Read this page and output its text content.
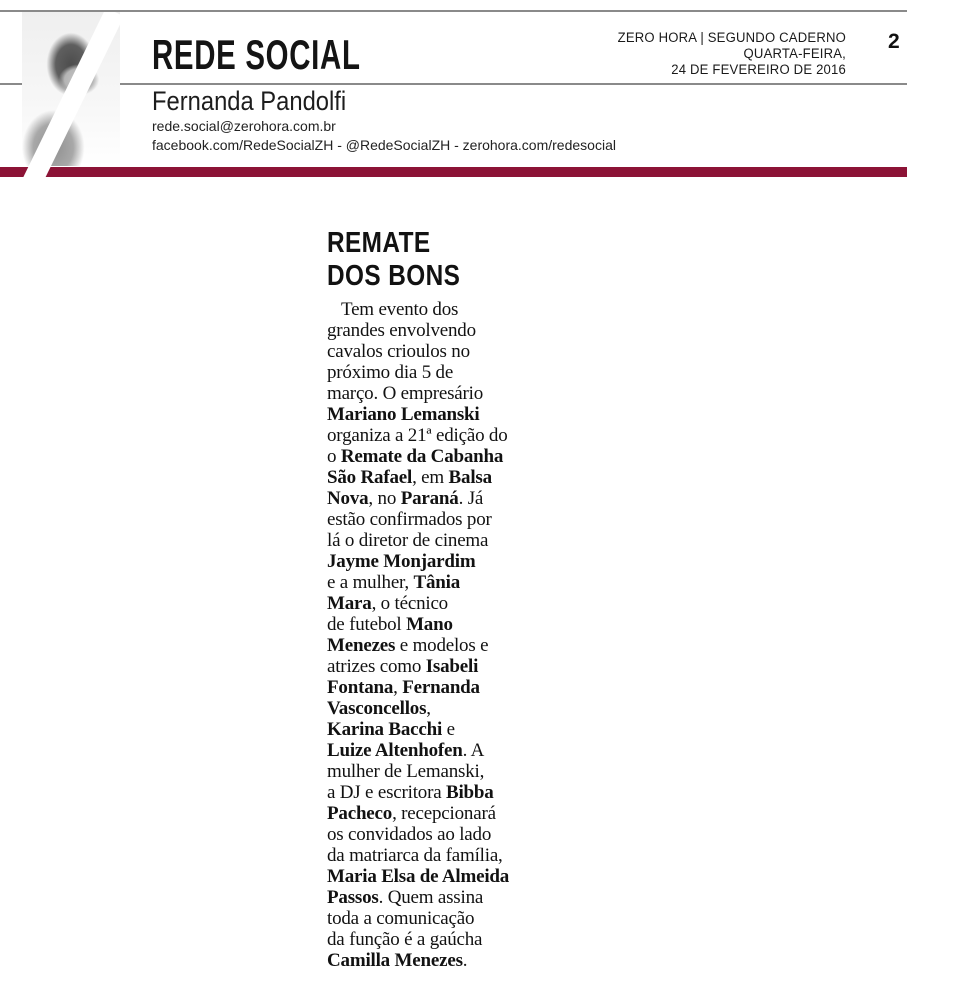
REDE SOCIAL
Fernanda Pandolfi
rede.social@zerohora.com.br
facebook.com/RedeSocialZH - @RedeSocialZH - zerohora.com/redesocial
ZERO HORA | SEGUNDO CADERNO
QUARTA-FEIRA,
24 DE FEVEREIRO DE 2016
2
REMATE
DOS BONS
Tem evento dos
grandes envolvendo
cavalos crioulos no
próximo dia 5 de
março. O empresário
Mariano Lemanski
organiza a 21ª edição do
o Remate da Cabanha
São Rafael, em Balsa
Nova, no Paraná. Já
estão confirmados por
lá o diretor de cinema
Jayme Monjardim
e a mulher, Tânia
Mara, o técnico
de futebol Mano
Menezes e modelos e
atrizes como Isabeli
Fontana, Fernanda
Vasconcellos,
Karina Bacchi e
Luize Altenhofen. A
mulher de Lemanski,
a DJ e escritora Bibba
Pacheco, recepcionará
os convidados ao lado
da matriarca da família,
Maria Elsa de Almeida
Passos. Quem assina
toda a comunicação
da função é a gaúcha
Camilla Menezes.
